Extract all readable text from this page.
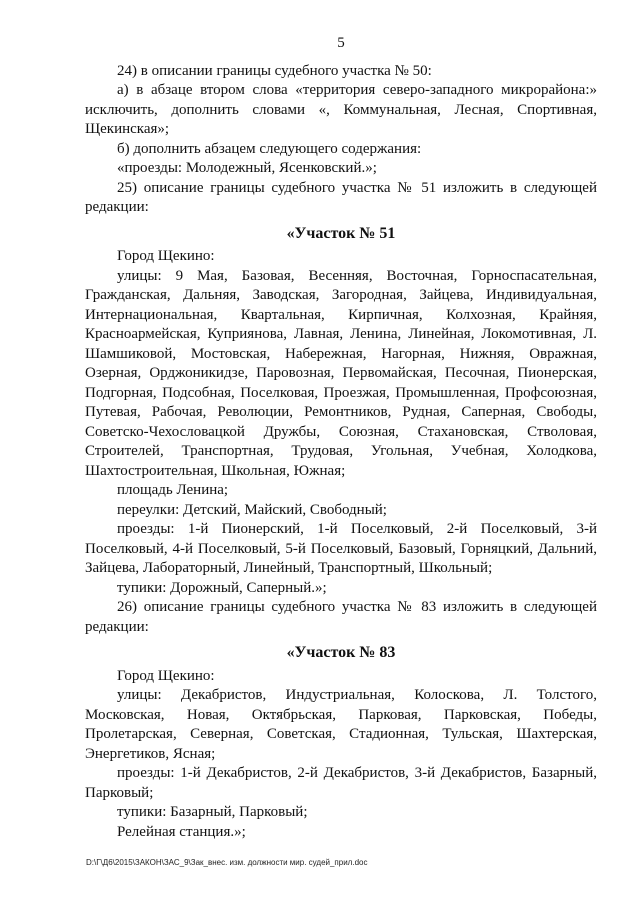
5

24) в описании границы судебного участка № 50:

а) в абзаце втором слова «территория северо-западного микрорайона:» исключить, дополнить словами «, Коммунальная, Лесная, Спортивная, Щекинская»;

б) дополнить абзацем следующего содержания:

«проезды: Молодежный, Ясенковский.»;

25) описание границы судебного участка № 51 изложить в следующей редакции:

«Участок № 51

Город Щекино:

улицы: 9 Мая, Базовая, Весенняя, Восточная, Горноспасательная, Гражданская, Дальняя, Заводская, Загородная, Зайцева, Индивидуальная, Интернациональная, Квартальная, Кирпичная, Колхозная, Крайняя, Красноармейская, Куприянова, Лавная, Ленина, Линейная, Локомотивная, Л. Шамшиковой, Мостовская, Набережная, Нагорная, Нижняя, Овражная, Озерная, Орджоникидзе, Паровозная, Первомайская, Песочная, Пионерская, Подгорная, Подсобная, Поселковая, Проезжая, Промышленная, Профсоюзная, Путевая, Рабочая, Революции, Ремонтников, Рудная, Саперная, Свободы, Советско-Чехословацкой Дружбы, Союзная, Стахановская, Стволовая, Строителей, Транспортная, Трудовая, Угольная, Учебная, Холодкова, Шахтостроительная, Школьная, Южная;

площадь Ленина;

переулки: Детский, Майский, Свободный;

проезды: 1-й Пионерский, 1-й Поселковый, 2-й Поселковый, 3-й Поселковый, 4-й Поселковый, 5-й Поселковый, Базовый, Горняцкий, Дальний, Зайцева, Лабораторный, Линейный, Транспортный, Школьный;

тупики: Дорожный, Саперный.»;

26) описание границы судебного участка № 83 изложить в следующей редакции:

«Участок № 83

Город Щекино:

улицы: Декабристов, Индустриальная, Колоскова, Л. Толстого, Московская, Новая, Октябрьская, Парковая, Парковская, Победы, Пролетарская, Северная, Советская, Стадионная, Тульская, Шахтерская, Энергетиков, Ясная;

проезды: 1-й Декабристов, 2-й Декабристов, 3-й Декабристов, Базарный, Парковый;

тупики: Базарный, Парковый;

Релейная станция.»;

D:\Г\Д6\2015\ЗАКОН\ЗАС_9\Зак_внес. изм. должности мир. судей_прил.doc
